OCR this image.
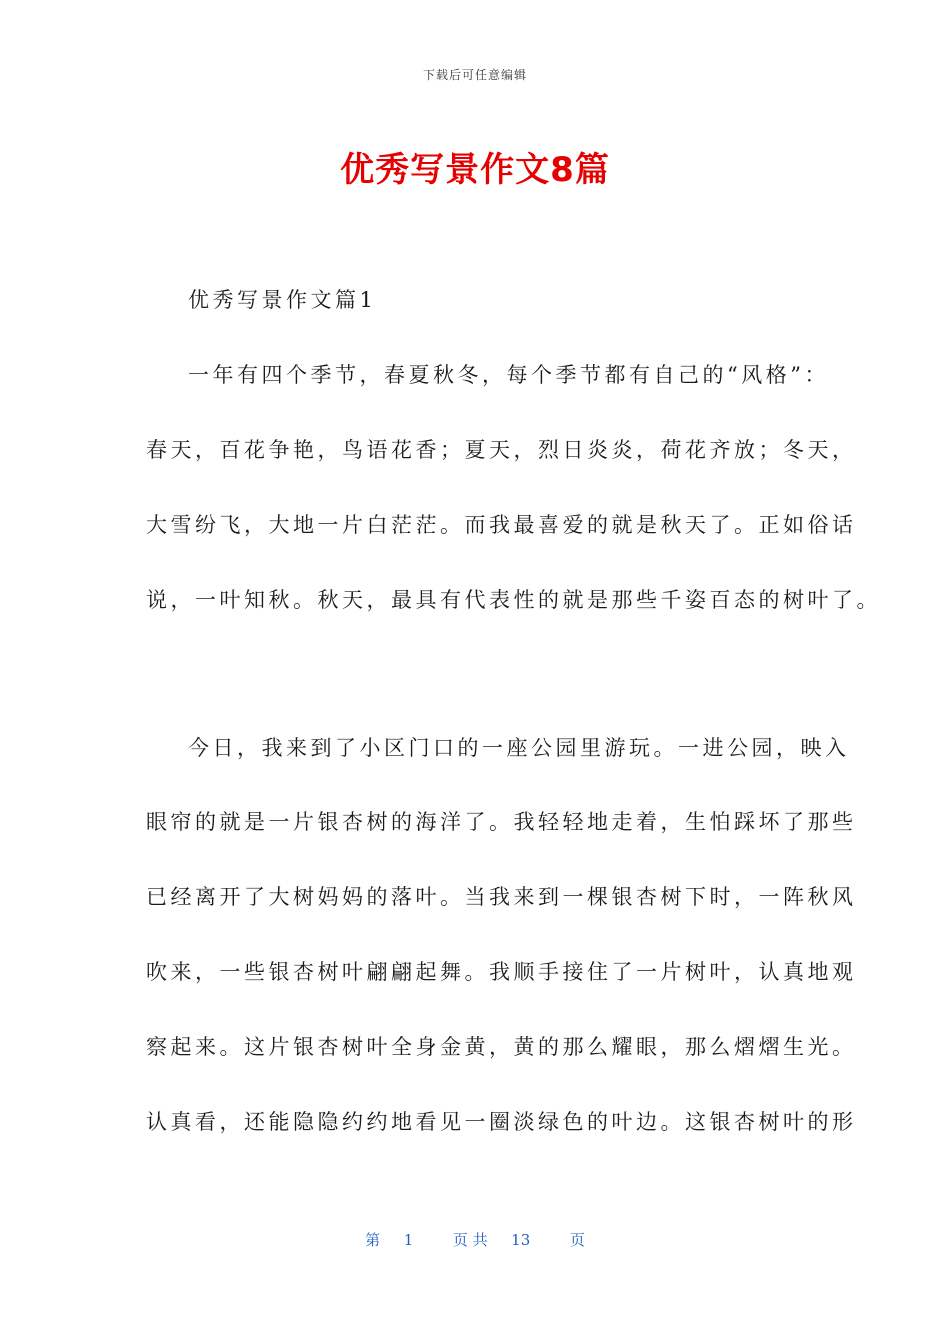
下载后可任意编辑
优秀写景作文8篇
优秀写景作文篇1
一年有四个季节，春夏秋冬，每个季节都有自己的“风格”：
春天，百花争艳，鸟语花香；夏天，烈日炎炎，荷花齐放；冬天，
大雪纷飞，大地一片白茫茫。而我最喜爱的就是秋天了。正如俗话
说，一叶知秋。秋天，最具有代表性的就是那些千姿百态的树叶了。
今日，我来到了小区门口的一座公园里游玩。一进公园，映入
眼帘的就是一片银杏树的海洋了。我轻轻地走着，生怕踩坏了那些
已经离开了大树妈妈的落叶。当我来到一棵银杏树下时，一阵秋风
吹来，一些银杏树叶翩翩起舞。我顺手接住了一片树叶，认真地观
察起来。这片银杏树叶全身金黄，黄的那么耀眼，那么熠熠生光。
认真看，还能隐隐约约地看见一圈淡绿色的叶边。这银杏树叶的形
第 1	页 共 13	页
